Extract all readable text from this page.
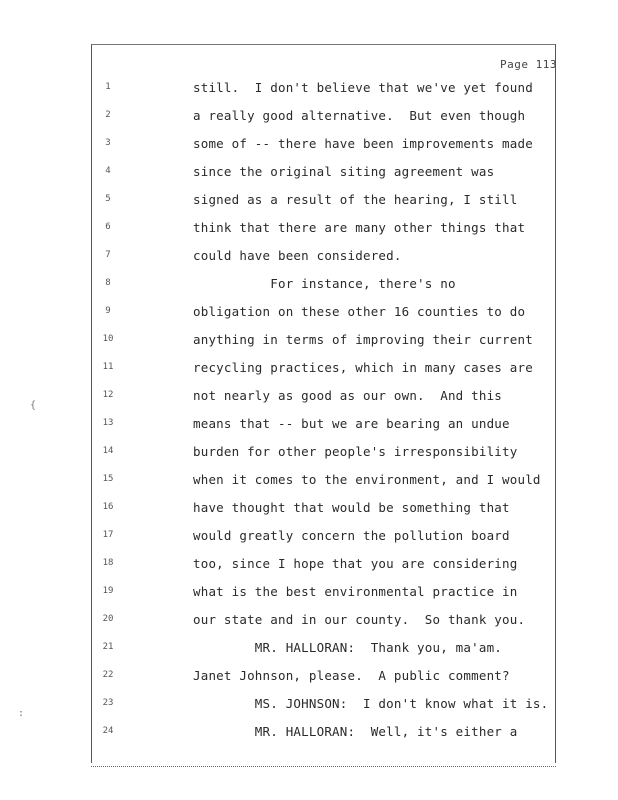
Page 113
1	still.  I don't believe that we've yet found
2	a really good alternative.  But even though
3	some of -- there have been improvements made
4	since the original siting agreement was
5	signed as a result of the hearing, I still
6	think that there are many other things that
7	could have been considered.
8	For instance, there's no
9	obligation on these other 16 counties to do
10	anything in terms of improving their current
11	recycling practices, which in many cases are
12	not nearly as good as our own.  And this
13	means that -- but we are bearing an undue
14	burden for other people's irresponsibility
15	when it comes to the environment, and I would
16	have thought that would be something that
17	would greatly concern the pollution board
18	too, since I hope that you are considering
19	what is the best environmental practice in
20	our state and in our county.  So thank you.
21	MR. HALLORAN:  Thank you, ma'am.
22	Janet Johnson, please.  A public comment?
23	MS. JOHNSON:  I don't know what it is.
24	MR. HALLORAN:  Well, it's either a
{
:
